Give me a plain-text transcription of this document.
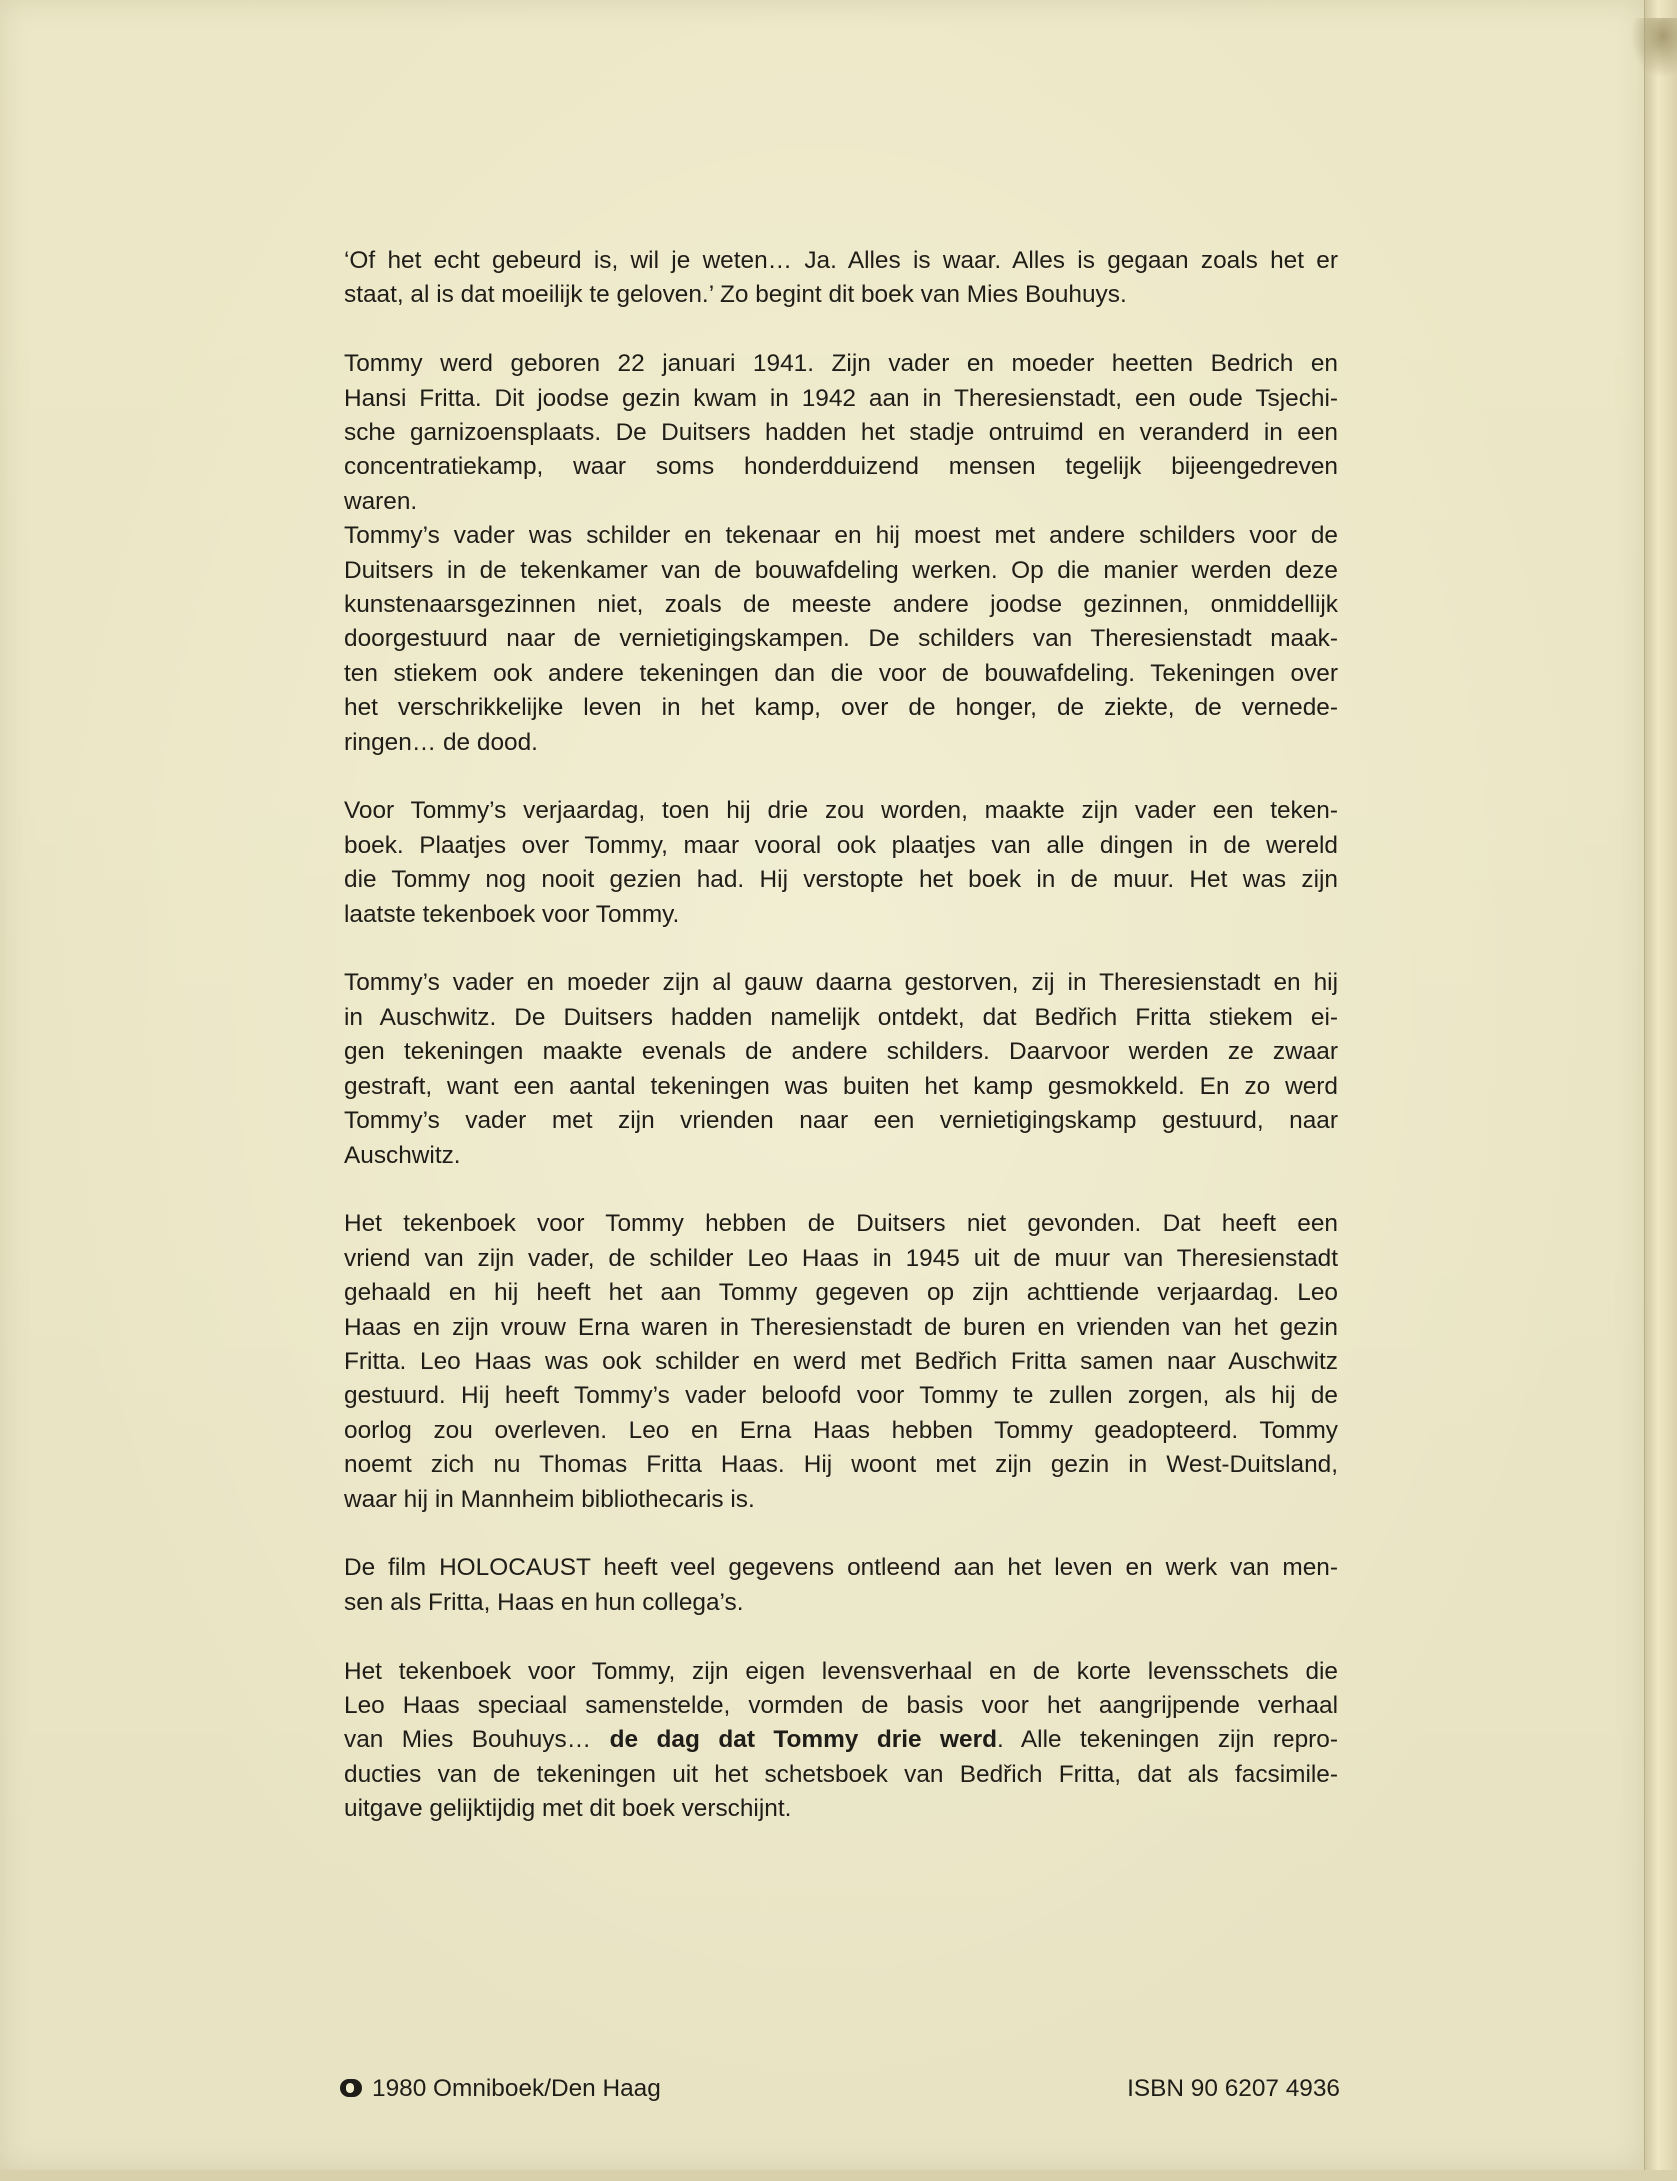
‘Of het echt gebeurd is, wil je weten… Ja. Alles is waar. Alles is gegaan zoals het er
staat, al is dat moeilijk te geloven.’ Zo begint dit boek van Mies Bouhuys.

Tommy werd geboren 22 januari 1941. Zijn vader en moeder heetten Bedrich en
Hansi Fritta. Dit joodse gezin kwam in 1942 aan in Theresienstadt, een oude Tsjechi-
sche garnizoensplaats. De Duitsers hadden het stadje ontruimd en veranderd in een
concentratiekamp, waar soms honderdduizend mensen tegelijk bijeengedreven
waren.
Tommy’s vader was schilder en tekenaar en hij moest met andere schilders voor de
Duitsers in de tekenkamer van de bouwafdeling werken. Op die manier werden deze
kunstenaarsgezinnen niet, zoals de meeste andere joodse gezinnen, onmiddellijk
doorgestuurd naar de vernietigingskampen. De schilders van Theresienstadt maak-
ten stiekem ook andere tekeningen dan die voor de bouwafdeling. Tekeningen over
het verschrikkelijke leven in het kamp, over de honger, de ziekte, de vernede-
ringen… de dood.

Voor Tommy’s verjaardag, toen hij drie zou worden, maakte zijn vader een teken-
boek. Plaatjes over Tommy, maar vooral ook plaatjes van alle dingen in de wereld
die Tommy nog nooit gezien had. Hij verstopte het boek in de muur. Het was zijn
laatste tekenboek voor Tommy.

Tommy’s vader en moeder zijn al gauw daarna gestorven, zij in Theresienstadt en hij
in Auschwitz. De Duitsers hadden namelijk ontdekt, dat Bedřich Fritta stiekem ei-
gen tekeningen maakte evenals de andere schilders. Daarvoor werden ze zwaar
gestraft, want een aantal tekeningen was buiten het kamp gesmokkeld. En zo werd
Tommy’s vader met zijn vrienden naar een vernietigingskamp gestuurd, naar
Auschwitz.

Het tekenboek voor Tommy hebben de Duitsers niet gevonden. Dat heeft een
vriend van zijn vader, de schilder Leo Haas in 1945 uit de muur van Theresienstadt
gehaald en hij heeft het aan Tommy gegeven op zijn achttiende verjaardag. Leo
Haas en zijn vrouw Erna waren in Theresienstadt de buren en vrienden van het gezin
Fritta. Leo Haas was ook schilder en werd met Bedřich Fritta samen naar Auschwitz
gestuurd. Hij heeft Tommy’s vader beloofd voor Tommy te zullen zorgen, als hij de
oorlog zou overleven. Leo en Erna Haas hebben Tommy geadopteerd. Tommy
noemt zich nu Thomas Fritta Haas. Hij woont met zijn gezin in West-Duitsland,
waar hij in Mannheim bibliothecaris is.

De film HOLOCAUST heeft veel gegevens ontleend aan het leven en werk van men-
sen als Fritta, Haas en hun collega’s.

Het tekenboek voor Tommy, zijn eigen levensverhaal en de korte levensschets die
Leo Haas speciaal samenstelde, vormden de basis voor het aangrijpende verhaal
van Mies Bouhuys… de dag dat Tommy drie werd. Alle tekeningen zijn repro-
ducties van de tekeningen uit het schetsboek van Bedřich Fritta, dat als facsimile-
uitgave gelijktijdig met dit boek verschijnt.

1980 Omniboek/Den Haag	ISBN 90 6207 4936
